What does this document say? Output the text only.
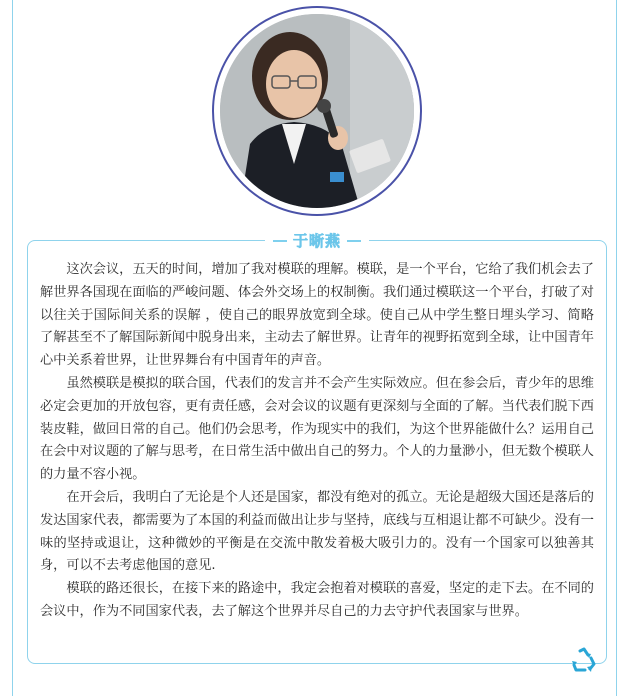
于晰燕

这次会议，五天的时间，增加了我对模联的理解。模联，是一个平台，它给了我们机会去了解世界各国现在面临的严峻问题、体会外交场上的权制衡。我们通过模联这一个平台，打破了对以往关于国际间关系的误解 ，使自己的眼界放宽到全球。使自己从中学生整日埋头学习、简略了解甚至不了解国际新闻中脱身出来，主动去了解世界。让青年的视野拓宽到全球，让中国青年心中关系着世界，让世界舞台有中国青年的声音。

虽然模联是模拟的联合国，代表们的发言并不会产生实际效应。但在参会后，青少年的思维必定会更加的开放包容，更有责任感，会对会议的议题有更深刻与全面的了解。当代表们脱下西装皮鞋，做回日常的自己。他们仍会思考，作为现实中的我们，为这个世界能做什么？运用自己在会中对议题的了解与思考，在日常生活中做出自己的努力。个人的力量渺小，但无数个模联人的力量不容小视。

在开会后，我明白了无论是个人还是国家，都没有绝对的孤立。无论是超级大国还是落后的发达国家代表，都需要为了本国的利益而做出让步与坚持，底线与互相退让都不可缺少。没有一味的坚持或退让，这种微妙的平衡是在交流中散发着极大吸引力的。没有一个国家可以独善其身，可以不去考虑他国的意见.

模联的路还很长，在接下来的路途中，我定会抱着对模联的喜爱，坚定的走下去。在不同的会议中，作为不同国家代表，去了解这个世界并尽自己的力去守护代表国家与世界。
